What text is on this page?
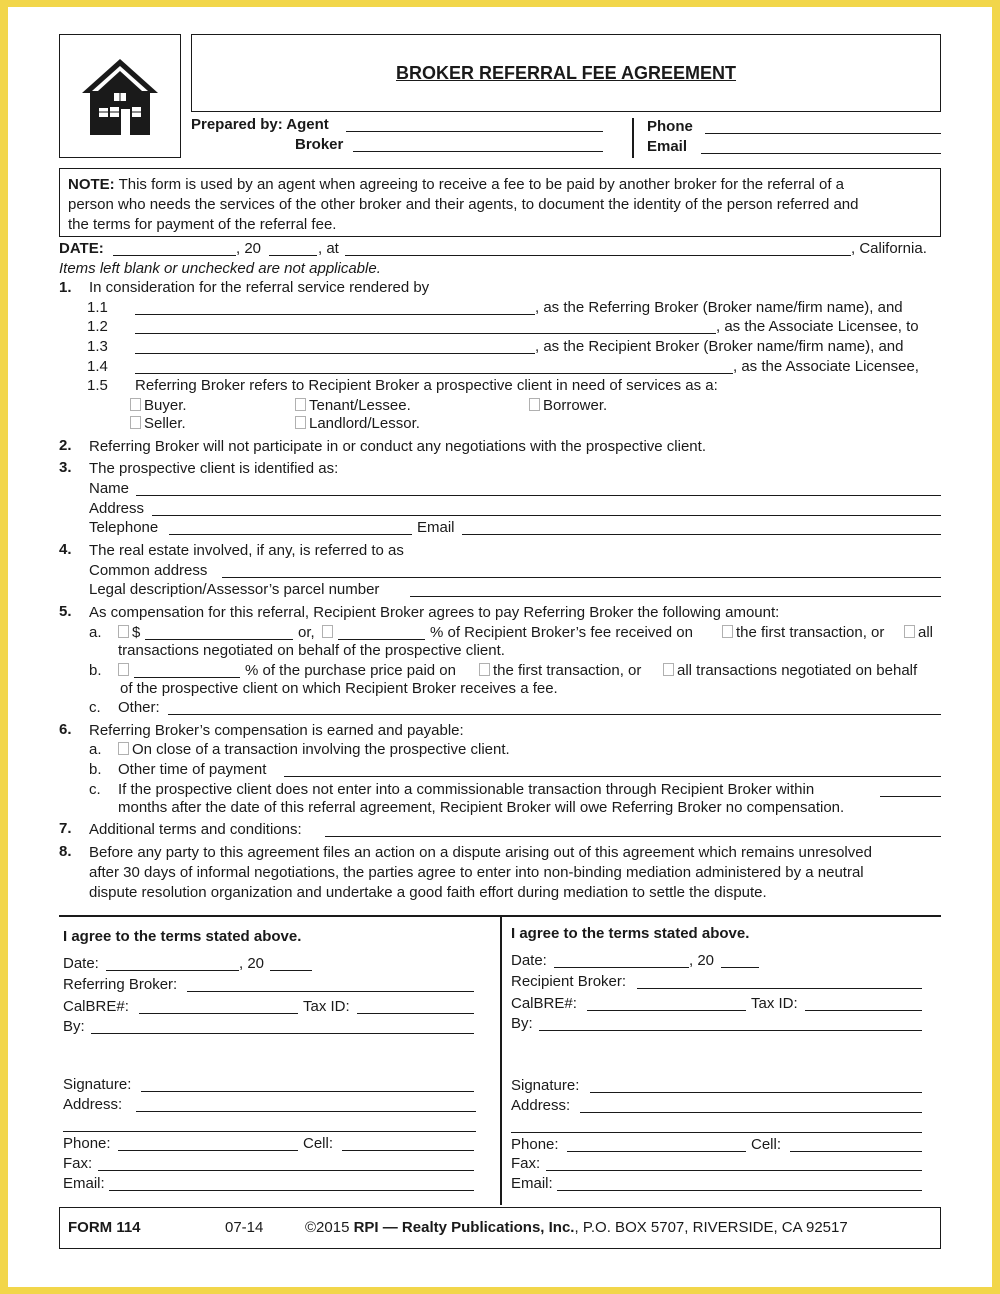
BROKER REFERRAL FEE AGREEMENT
Prepared by: Agent
Broker
Phone
Email
NOTE: This form is used by an agent when agreeing to receive a fee to be paid by another broker for the referral of a
person who needs the services of the other broker and their agents, to document the identity of the person referred and
the terms for payment of the referral fee.
DATE:	, 20	, at	, California.
Items left blank or unchecked are not applicable.
1. In consideration for the referral service rendered by
1.1	, as the Referring Broker (Broker name/firm name), and
1.2	, as the Associate Licensee, to
1.3	, as the Recipient Broker (Broker name/firm name), and
1.4	, as the Associate Licensee,
1.5 Referring Broker refers to Recipient Broker a prospective client in need of services as a:
Buyer.	Tenant/Lessee.	Borrower.
Seller.	Landlord/Lessor.
2. Referring Broker will not participate in or conduct any negotiations with the prospective client.
3. The prospective client is identified as:
Name
Address
Telephone	Email
4. The real estate involved, if any, is referred to as
Common address
Legal description/Assessor’s parcel number
5. As compensation for this referral, Recipient Broker agrees to pay Referring Broker the following amount:
a.	$	or,	% of Recipient Broker’s fee received on	the first transaction, or	all
transactions negotiated on behalf of the prospective client.
b.	% of the purchase price paid on	the first transaction, or	all transactions negotiated on behalf
of the prospective client on which Recipient Broker receives a fee.
c. Other:
6. Referring Broker’s compensation is earned and payable:
a.	On close of a transaction involving the prospective client.
b. Other time of payment
c. If the prospective client does not enter into a commissionable transaction through Recipient Broker within
months after the date of this referral agreement, Recipient Broker will owe Referring Broker no compensation.
7. Additional terms and conditions:
8. Before any party to this agreement files an action on a dispute arising out of this agreement which remains unresolved
after 30 days of informal negotiations, the parties agree to enter into non-binding mediation administered by a neutral
dispute resolution organization and undertake a good faith effort during mediation to settle the dispute.
I agree to the terms stated above.
Date:	, 20
Referring Broker:
CalBRE#:	Tax ID:
By:
Signature:
Address:
Phone:	Cell:
Fax:
Email:
I agree to the terms stated above.
Date:	, 20
Recipient Broker:
CalBRE#:	Tax ID:
By:
Signature:
Address:
Phone:	Cell:
Fax:
Email:
FORM 114	07-14	©2015 RPI — Realty Publications, Inc., P.O. BOX 5707, RIVERSIDE, CA 92517
